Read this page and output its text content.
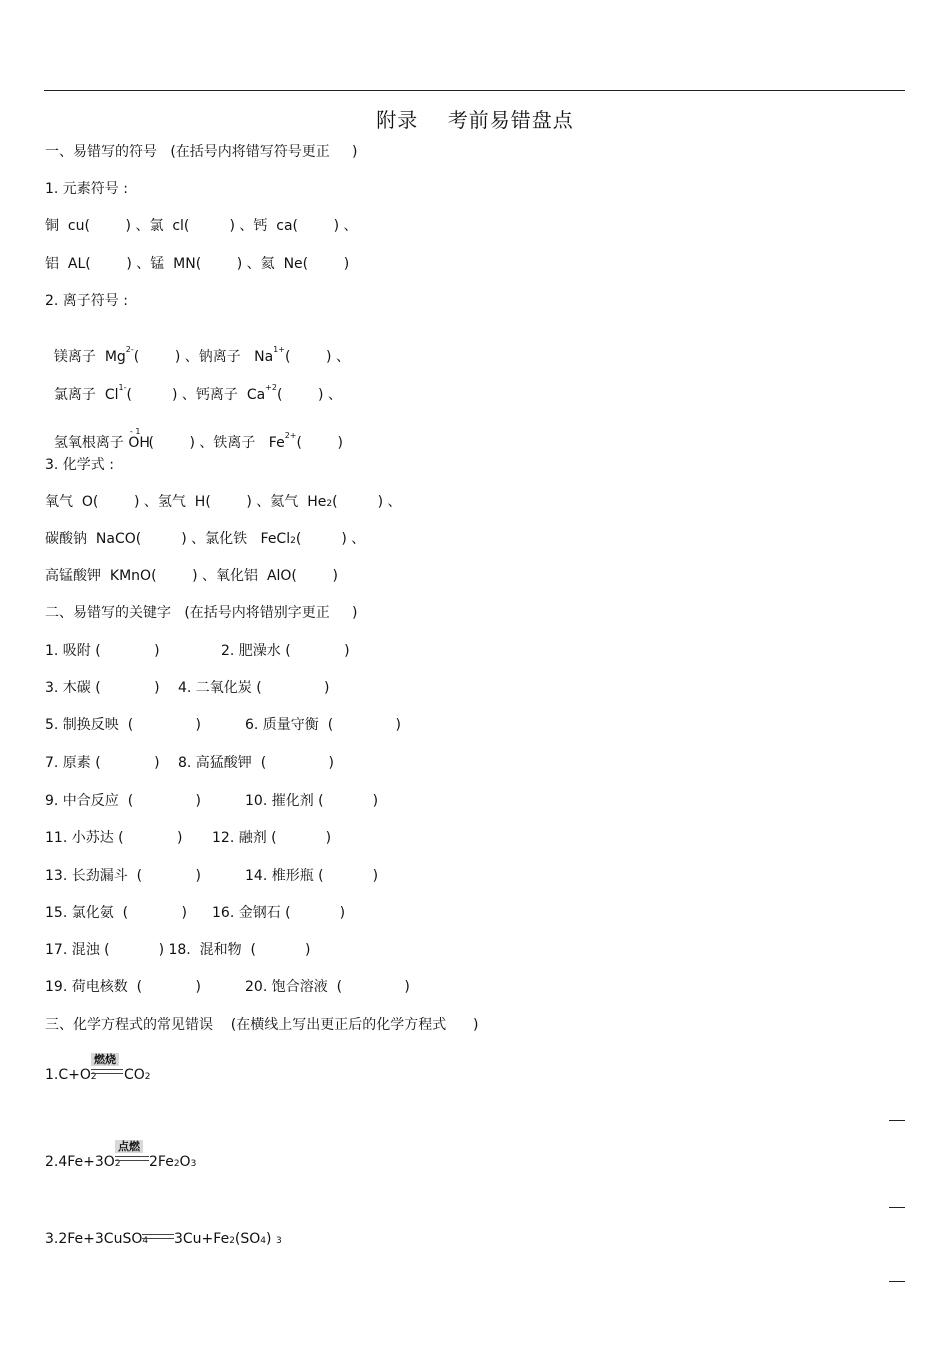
附录    考前易错盘点
一、易错写的符号   (在括号内将错写符号更正     )
1. 元素符号 :
铜  cu(        ) 、氯  cl(         ) 、钙  ca(        ) 、
铝  AL(        ) 、锰  MN(        ) 、氦  Ne(        )
2. 离子符号 :

镁离子  $Mg^{2-}$(        ) 、钠离子   $Na^{1+}$(        ) 、

氯离子  $Cl^{1-}$(         ) 、钙离子  $Ca^{+2}$(        ) 、

氢氧根离子 $OH^{- 1}$(        ) 、铁离子   $Fe^{2+}$(        )

3. 化学式 :
氧气  O(        ) 、氢气  H(        ) 、氦气  He2(         ) 、
碳酸钠  NaCO(         ) 、氯化铁   FeCl2(         ) 、
高锰酸钾  KMnO(        ) 、氧化铝  AlO(        )
二、易错写的关键字   (在括号内将错别字更正     )
1. 吸附 (            )	2. 肥澡水 (            )
3. 木碳 (            ) 4. 二氧化炭 (              )
5. 制换反映  (              )	6. 质量守衡  (              )
7. 原素 (            ) 8. 高猛酸钾  (              )
9. 中合反应  (              )	10. 摧化剂 (           )
11. 小苏达 (            ) 12. 融剂 (           )
13. 长劲漏斗  (            )	14. 椎形瓶 (           )
15. 氯化氨  (            ) 16. 金钢石 (           )
17. 混浊 (           ) 18.  混和物  (           )
19. 荷电核数  (            )	20. 饱合溶液  (              )
三、化学方程式的常见错误    (在横线上写出更正后的化学方程式      )
1.C+O2
燃烧
CO2
2.4Fe+3O2
点燃
2Fe2O3
3.2Fe+3CuSO4 3Cu+Fe2(SO4) 3
